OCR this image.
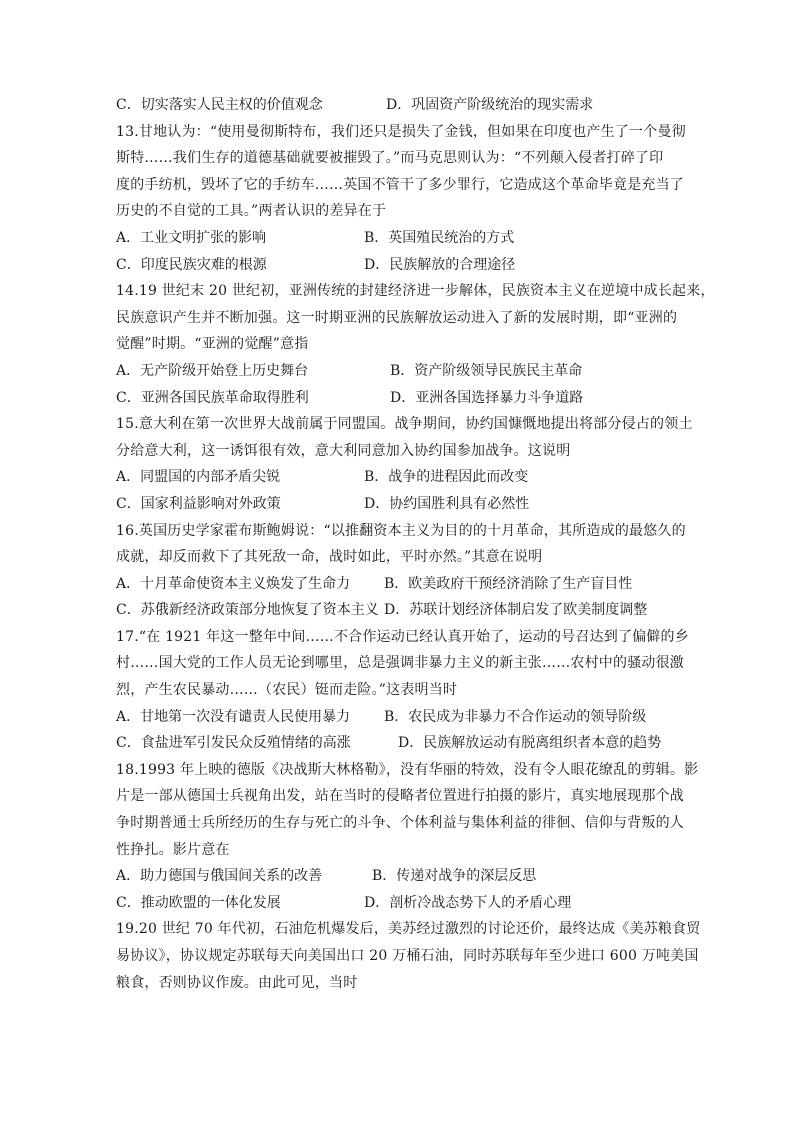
C．切实落实人民主权的价值观念	D．巩固资产阶级统治的现实需求
13.甘地认为：“使用曼彻斯特布，我们还只是损失了金钱，但如果在印度也产生了一个曼彻
斯特……我们生存的道德基础就要被摧毁了。”而马克思则认为：“不列颠入侵者打碎了印
度的手纺机，毁坏了它的手纺车……英国不管干了多少罪行，它造成这个革命毕竟是充当了
历史的不自觉的工具。”两者认识的差异在于
A．工业文明扩张的影响	B．英国殖民统治的方式
C．印度民族灾难的根源	D．民族解放的合理途径
14.19 世纪末 20 世纪初，亚洲传统的封建经济进一步解体，民族资本主义在逆境中成长起来，
民族意识产生并不断加强。这一时期亚洲的民族解放运动进入了新的发展时期，即“亚洲的
觉醒”时期。“亚洲的觉醒”意指
A．无产阶级开始登上历史舞台	B．资产阶级领导民族民主革命
C．亚洲各国民族革命取得胜利	D．亚洲各国选择暴力斗争道路
15.意大利在第一次世界大战前属于同盟国。战争期间，协约国慷慨地提出将部分侵占的领土
分给意大利，这一诱饵很有效，意大利同意加入协约国参加战争。这说明
A．同盟国的内部矛盾尖锐	B．战争的进程因此而改变
C．国家利益影响对外政策	D．协约国胜利具有必然性
16.英国历史学家霍布斯鲍姆说：“以推翻资本主义为目的的十月革命，其所造成的最悠久的
成就，却反而救下了其死敌一命，战时如此，平时亦然。”其意在说明
A．十月革命使资本主义焕发了生命力 B．欧美政府干预经济消除了生产盲目性
C．苏俄新经济政策部分地恢复了资本主义 D．苏联计划经济体制启发了欧美制度调整
17.“在 1921 年这一整年中间……不合作运动已经认真开始了，运动的号召达到了偏僻的乡
村……国大党的工作人员无论到哪里，总是强调非暴力主义的新主张……农村中的骚动很激
烈，产生农民暴动……（农民）铤而走险。”这表明当时
A．甘地第一次没有谴责人民使用暴力 B．农民成为非暴力不合作运动的领导阶级
C．食盐进军引发民众反殖情绪的高涨	D．民族解放运动有脱离组织者本意的趋势
18.1993 年上映的德版《决战斯大林格勒》，没有华丽的特效，没有令人眼花缭乱的剪辑。影
片是一部从德国士兵视角出发，站在当时的侵略者位置进行拍摄的影片，真实地展现那个战
争时期普通士兵所经历的生存与死亡的斗争、个体利益与集体利益的徘徊、信仰与背叛的人
性挣扎。影片意在
A．助力德国与俄国间关系的改善	B．传递对战争的深层反思
C．推动欧盟的一体化发展	D．剖析冷战态势下人的矛盾心理
19.20 世纪 70 年代初，石油危机爆发后，美苏经过激烈的讨论还价，最终达成《美苏粮食贸
易协议》，协议规定苏联每天向美国出口 20 万桶石油，同时苏联每年至少进口 600 万吨美国
粮食，否则协议作废。由此可见，当时
